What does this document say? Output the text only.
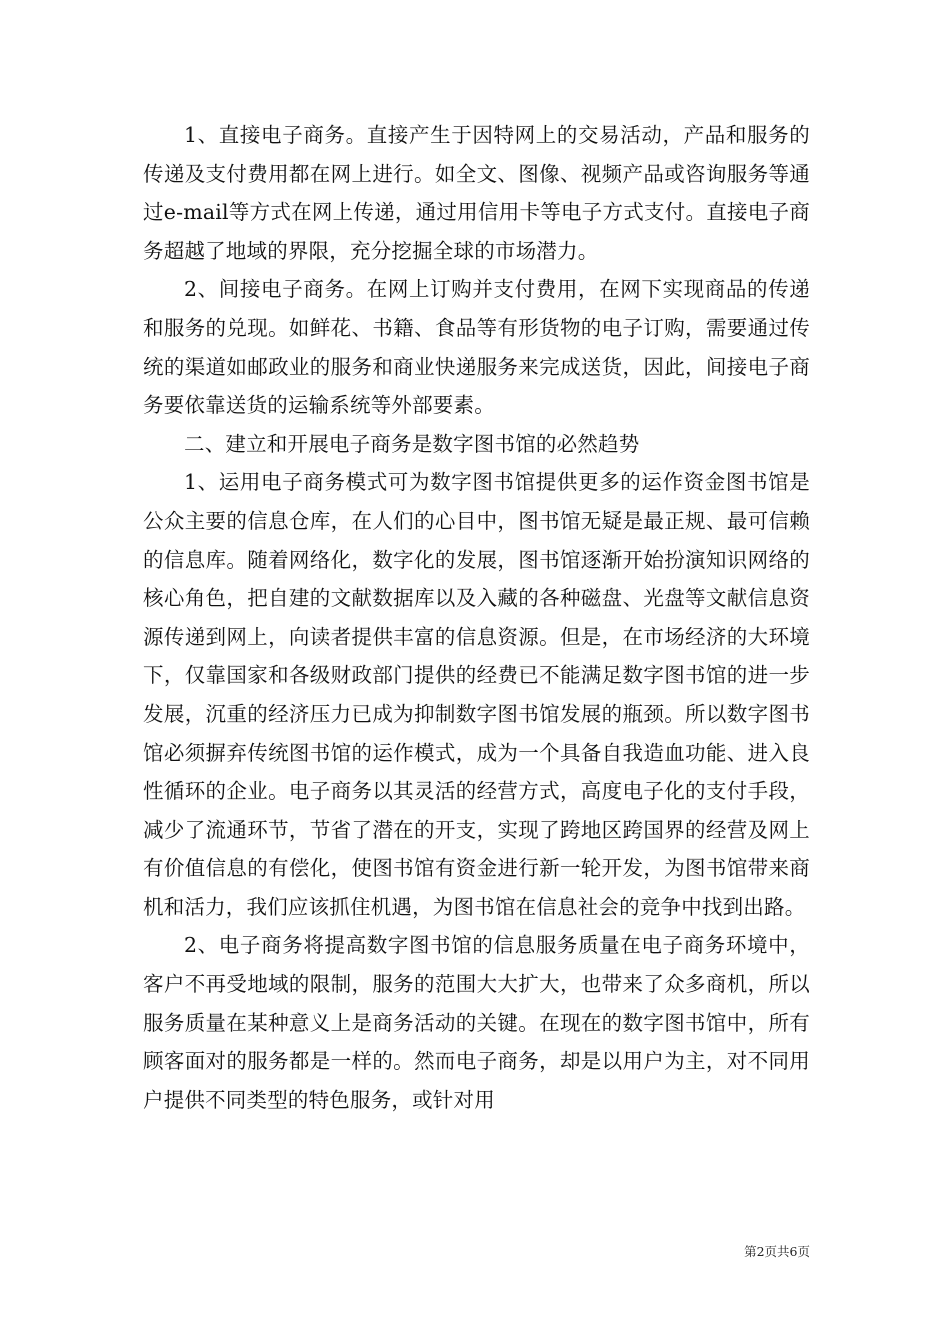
1、直接电子商务。直接产生于因特网上的交易活动，产品和服务的传递及支付费用都在网上进行。如全文、图像、视频产品或咨询服务等通过e-mail等方式在网上传递，通过用信用卡等电子方式支付。直接电子商务超越了地域的界限，充分挖掘全球的市场潜力。

2、间接电子商务。在网上订购并支付费用，在网下实现商品的传递和服务的兑现。如鲜花、书籍、食品等有形货物的电子订购，需要通过传统的渠道如邮政业的服务和商业快递服务来完成送货，因此，间接电子商务要依靠送货的运输系统等外部要素。

二、建立和开展电子商务是数字图书馆的必然趋势

1、运用电子商务模式可为数字图书馆提供更多的运作资金图书馆是公众主要的信息仓库，在人们的心目中，图书馆无疑是最正规、最可信赖的信息库。随着网络化，数字化的发展，图书馆逐渐开始扮演知识网络的核心角色，把自建的文献数据库以及入藏的各种磁盘、光盘等文献信息资源传递到网上，向读者提供丰富的信息资源。但是，在市场经济的大环境下，仅靠国家和各级财政部门提供的经费已不能满足数字图书馆的进一步发展，沉重的经济压力已成为抑制数字图书馆发展的瓶颈。所以数字图书馆必须摒弃传统图书馆的运作模式，成为一个具备自我造血功能、进入良性循环的企业。电子商务以其灵活的经营方式，高度电子化的支付手段，减少了流通环节，节省了潜在的开支，实现了跨地区跨国界的经营及网上有价值信息的有偿化，使图书馆有资金进行新一轮开发，为图书馆带来商机和活力，我们应该抓住机遇，为图书馆在信息社会的竞争中找到出路。

2、电子商务将提高数字图书馆的信息服务质量在电子商务环境中，客户不再受地域的限制，服务的范围大大扩大，也带来了众多商机，所以服务质量在某种意义上是商务活动的关键。在现在的数字图书馆中，所有顾客面对的服务都是一样的。然而电子商务，却是以用户为主，对不同用户提供不同类型的特色服务，或针对用

第2页共6页
